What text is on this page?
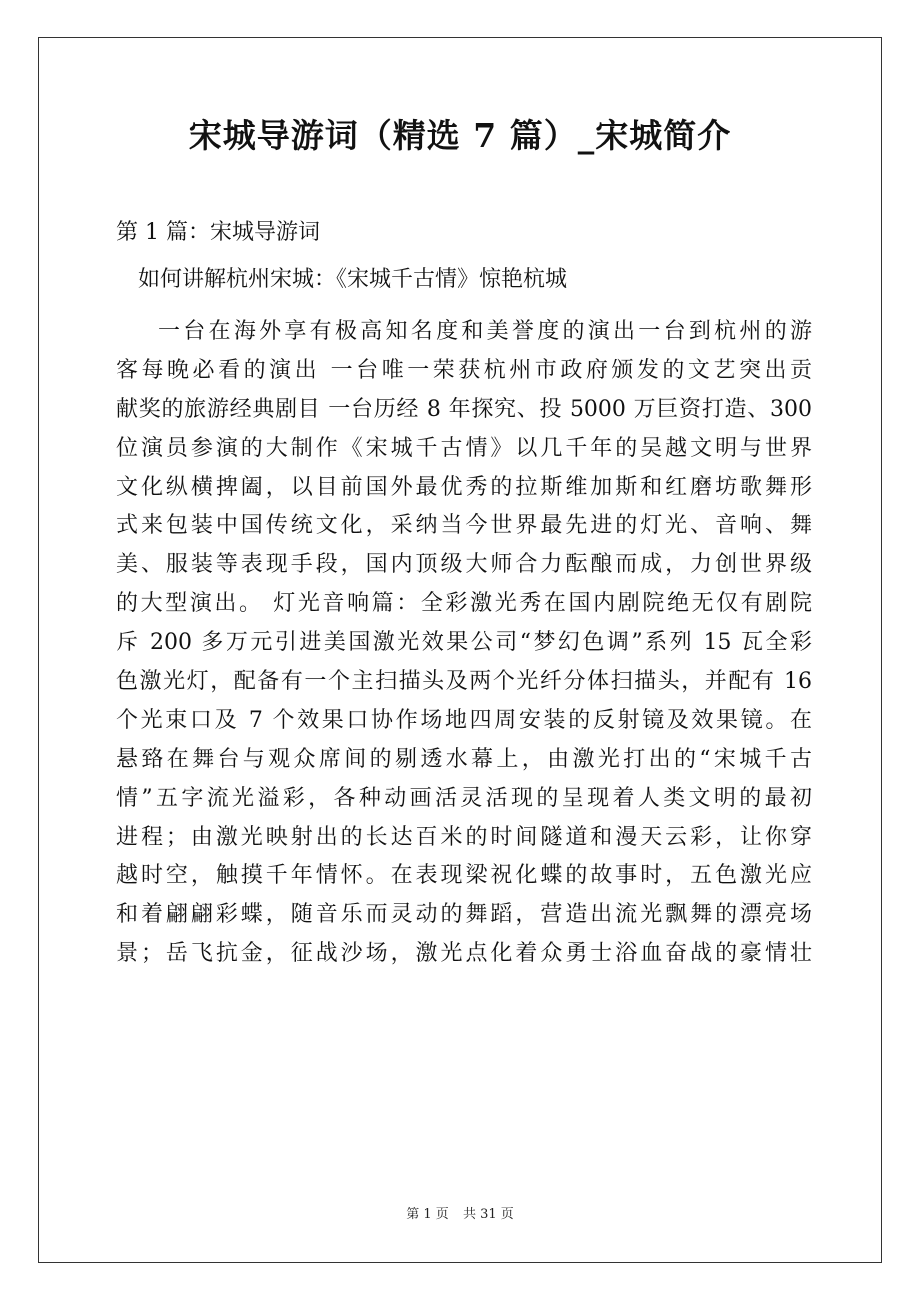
宋城导游词（精选 7 篇）_宋城简介

第 1 篇：宋城导游词

如何讲解杭州宋城：《宋城千古情》惊艳杭城

一台在海外享有极高知名度和美誉度的演出一台到杭州的游
客每晚必看的演出 一台唯一荣获杭州市政府颁发的文艺突出贡
献奖的旅游经典剧目 一台历经 8 年探究、投 5000 万巨资打造、300
位演员参演的大制作《宋城千古情》以几千年的吴越文明与世界
文化纵横捭阖，以目前国外最优秀的拉斯维加斯和红磨坊歌舞形
式来包装中国传统文化，采纳当今世界最先进的灯光、音响、舞
美、服装等表现手段，国内顶级大师合力酝酿而成，力创世界级
的大型演出。 灯光音响篇：全彩激光秀在国内剧院绝无仅有剧院
斥 200 多万元引进美国激光效果公司“梦幻色调”系列 15 瓦全彩
色激光灯，配备有一个主扫描头及两个光纤分体扫描头，并配有 16
个光束口及 7 个效果口协作场地四周安装的反射镜及效果镜。在
悬臵在舞台与观众席间的剔透水幕上，由激光打出的“宋城千古
情”五字流光溢彩，各种动画活灵活现的呈现着人类文明的最初
进程；由激光映射出的长达百米的时间隧道和漫天云彩，让你穿
越时空，触摸千年情怀。在表现梁祝化蝶的故事时，五色激光应
和着翩翩彩蝶，随音乐而灵动的舞蹈，营造出流光飘舞的漂亮场
景；岳飞抗金，征战沙场，激光点化着众勇士浴血奋战的豪情壮
第 1 页 共 31 页
